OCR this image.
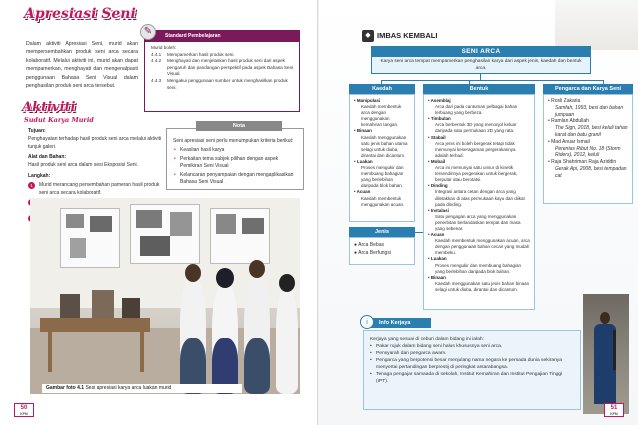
Apresiasi Seni

Dalam aktiviti Apresiasi Seni, murid akan mempersembahkan produk seni arca secara kolaboratif. Melalui aktiviti ini, murid akan dapat mempamerkan, menghayati dan mengenalpasti penggunaan Bahasa Seni Visual dalam penghasilan produk seni arca tersebut.

Standard Pembelajaran
Murid boleh:
4.4.1	Mempamerkan hasil produk seni.
4.4.2	Menghayati dan menjelaskan hasil produk seni dari aspek pengaruh dan pandangan perspektif pada aspek Bahasa Seni Visual.
4.4.3	Mengakui penggunaan sumber untuk menghasilkan produk seni.
✎
Aktiviti
Sudut Karya Murid
Tujuan:
Penghayatan terhadap hasil produk seni arca melalui aktiviti tunjuk galeri.
Alat dan Bahan:
Hasil produk seni arca dalam sesi Eksposisi Seni.
Langkah:
1	Murid merancang persembahan pameran hasil produk seni arca secara kolaboratif.
Seni apresiasi seni perlu menumpukan kriteria berikut:
• Keaslian hasil karya
• Perkaitan tema subjek pilihan dengan aspek Pemikiran Seni Visual
• Kelancaran penyampaian dengan mengaplikasikan Bahasa Seni Visual
Nota
Gambar foto 4.1 Sesi apresiasi karya arca luakan murid
50
KPM
◆ IMBAS KEMBALI
SENI ARCA
Karya seni arca tempat mempamerkan penghasilan karya dari aspek jenis, kaedah dan bentuk arca.
Kaedah
• Manipulasi
Kaedah membentuk arca dengan menggunakan kemahiran tangan.
• Binaan
Kaedah menggunakan satu jenis bahan utama selagi untuk diuba, dirantai dan dicantum.
• Luakan
Proses mengukir dan membuang bahagian yang berlebihan daripada blok bahan.
• Acuan
Kaedah membentuk menggunakan acuan.
Bentuk
• Asemblaj
Arca dari pada cantuman pelbagai bahan terbuang yang berbeza.
• Timbulan
Arca berbentuk 3D yang menonjol keluar daripada satu permukaan 2D yang rata.
• Stabail
Arca jenis ini boleh bergerak tetapi tidak memunyai keseragaman pergerakannya adalah terhad.
• Mobail
Arca ini memunyai satu unsur di kinetik tersendirinya pergerakan untuk bergerak, berputar atau berotatsi.
• Dinding
Integrasi antara cetan dengan arca yang diletakkan di atas permukaan kayu dan diikat pada dinding.
• Instalasi
Satu pengagan arca yang menggunakan penerbitan berlandaskan tempat dan masa yang sebenar.
• Acuan
Kaedah membentuk menggunakan acuan, arca dengan penggunaan bahan cecair yang mudah membeku.
• Luakan
Proses mengukir dan membuang bahagian yang berlebihan daripada blok bahan.
• Binaan
Kaedah menggunakan satu jenis bahan binaan selagi untuk diuba, dirantai dan dicantum.
Pengarca dan Karya Seni
• Rosli Zakaria
Samfah, 1993, besi dan bahan jumpaan
• Ramlan Abdullah
The Sign, 2018, besi keluli tahan karat dan batu granit
• Mad Anuar Ismail
Perentas Ribut No. 18 (Storm Riders), 2012, keluli
• Raja Shahriman Raja Aziddin
Gerak Api, 2008, besi tempadan cat
Jenis
● Arca Bebas
● Arca Berfungsi
Kerjaya yang sesuai di ceburi dalam bidang ini ialah:
• Pakar rujuk dalam bidang seni halus khususnya seni arca.
• Pensyarah dan pengarca awam.
• Pengarca yang berpotensi besar menjulang nama negara ke persada dunia sekiranya menyertai pertandingan berprestij di peringkat antarabangsa.
• Tenaga pengajar samaada di sekolah, Institut Kemahiran dan Institut Pengajian Tinggi (IPT).
Info Kerjaya
i
51
KPM
